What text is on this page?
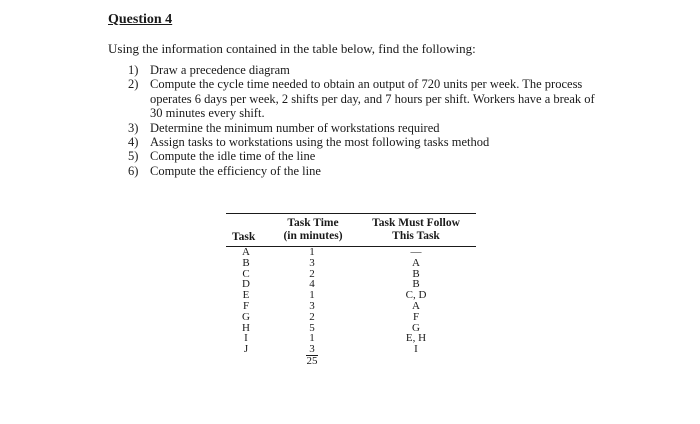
Question 4
Using the information contained in the table below, find the following:
1) Draw a precedence diagram
2) Compute the cycle time needed to obtain an output of 720 units per week. The process operates 6 days per week, 2 shifts per day, and 7 hours per shift. Workers have a break of 30 minutes every shift.
3) Determine the minimum number of workstations required
4) Assign tasks to workstations using the most following tasks method
5) Compute the idle time of the line
6) Compute the efficiency of the line
Task
Task Time
(in minutes)
Task Must Follow
This Task
A	1	—
B	3	A
C	2	B
D	4	B
E	1	C, D
F	3	A
G	2	F
H	5	G
I	1	E, H
J	3	I
25
